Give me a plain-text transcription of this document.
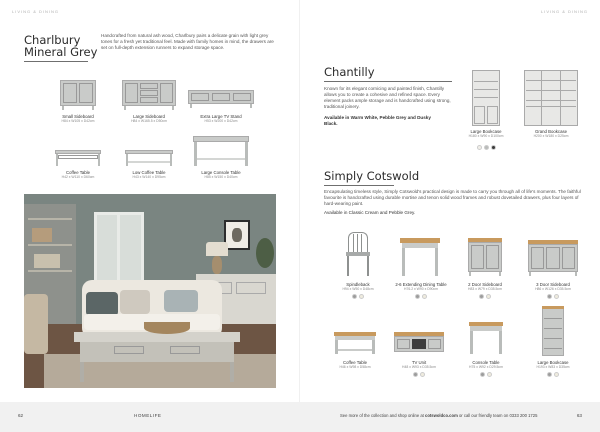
LIVING & DINING	LIVING & DINING
Charlbury
Mineral Grey
Handcrafted from natural ash wood, Charlbury pairs a delicate grain with light grey tones for a fresh yet traditional feel. Made with family homes in mind, the drawers are set on full-depth extension runners to expand storage space.
Small Sideboard
H84 x W105 x D42cm
Large Sideboard
H84 x W165.5 x D50cm
Extra Large TV Stand
H53 x W200 x D42cm
Coffee Table
H42 x W110 x D60cm
Low Coffee Table
H43 x W140 x D95cm
Large Console Table
H85 x W150 x D40cm
Chantilly
Known for its elegant cornicing and painted finish, Chantilly allows you to create a cohesive and refined space. Every element packs ample storage and is handcrafted using strong, traditional joinery.
Available in Warm White, Pebble Grey and Dusky Black.
Large Bookcase
H180 x W90 x D100cm
Grand Bookcase
H200 x W180 x D25cm
Simply Cotswold
Encapsulating timeless style, Simply Cotswold's practical design is made to carry you through all of life's moments. The faithful favourite is handcrafted using durable mortise and tenon solid wood frames and robust dovetailed drawers, plus four layers of hard-wearing paint.
Available in Classic Cream and Pebble Grey.
Spindleback
H94 x W50 x D48cm
2-6 Extending Dining Table
H76.2 x W90 x D90cm
2 Door Sideboard
H83 x W79 x D35.5cm
3 Door Sideboard
H86 x W126 x D35.5cm
Coffee Table
H46 x W98 x D58cm
TV Unit
H48 x W93 x D35.5cm
Console Table
H75 x W92 x D29.5cm
Large Bookcase
H193 x W83 x D35cm
62	HOMELIFE	See more of the collection and shop online at cotswoldco.com or call our friendly team on 0333 200 1725	63
